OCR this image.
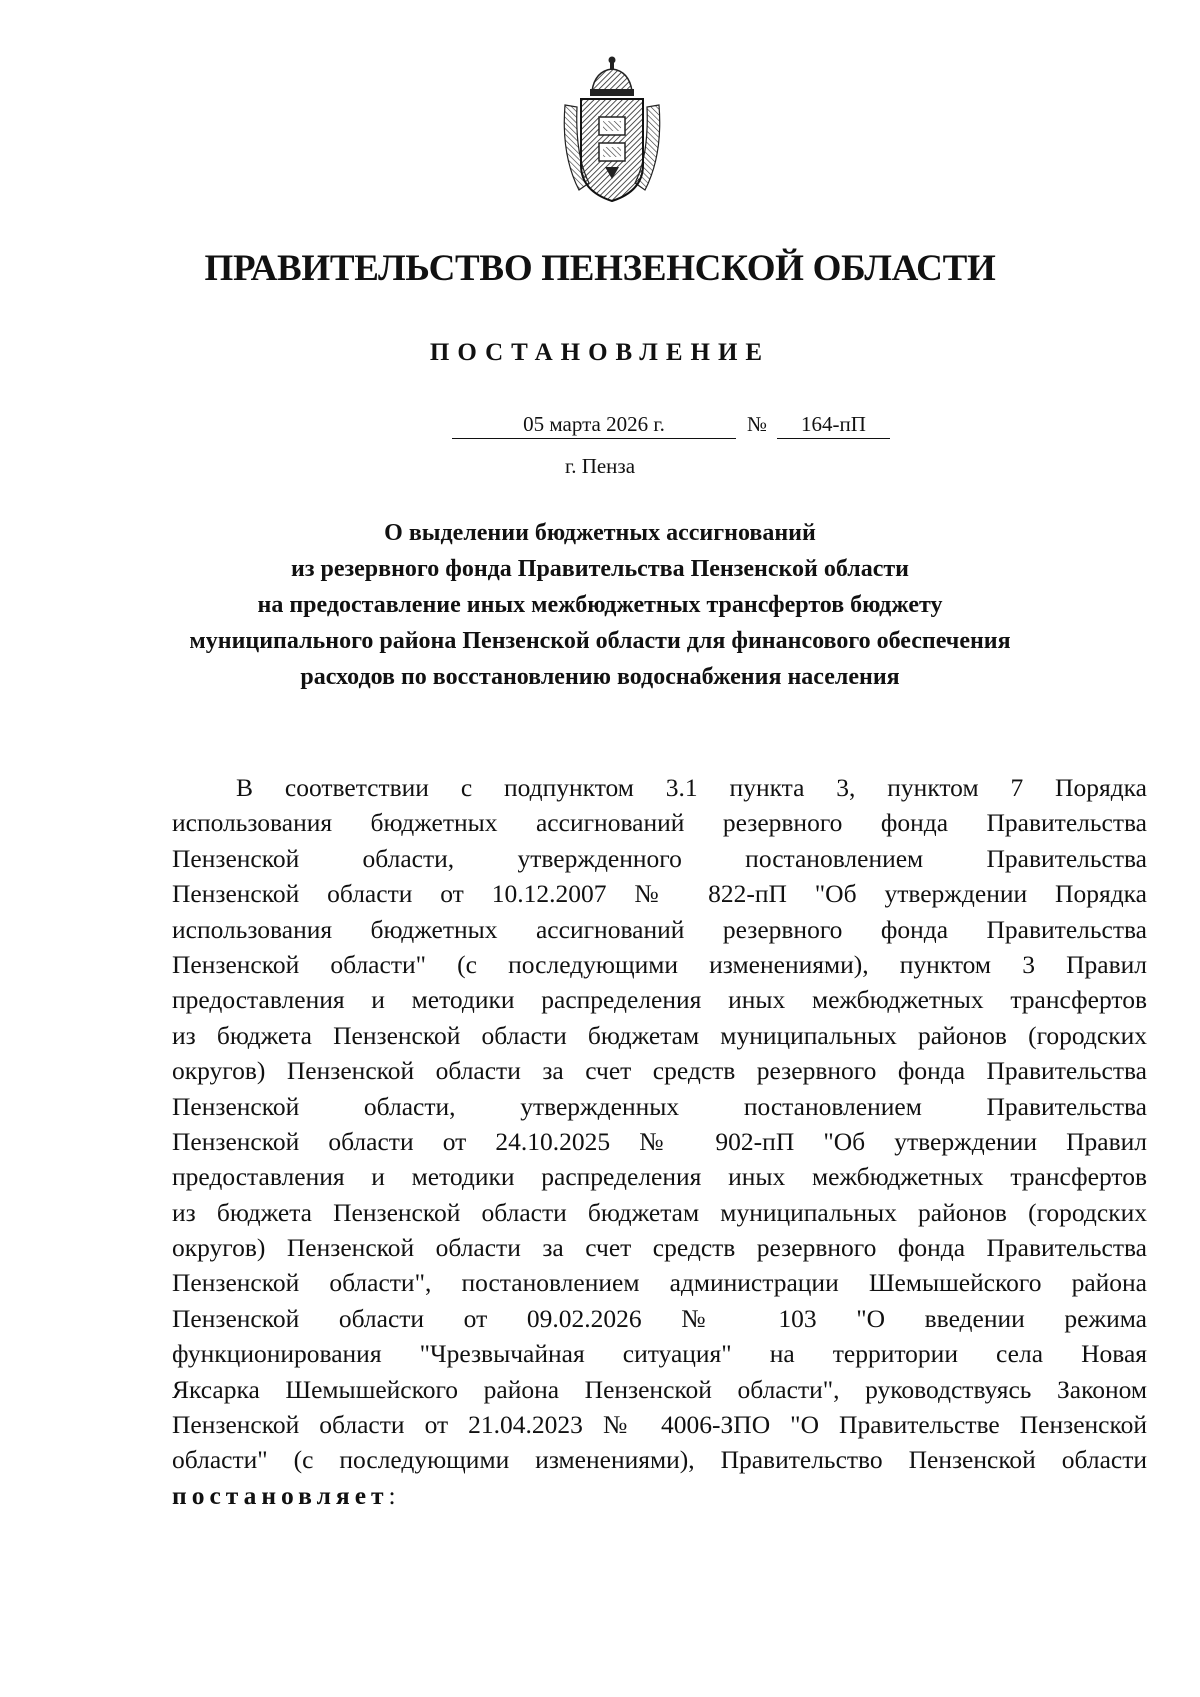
ПРАВИТЕЛЬСТВО ПЕНЗЕНСКОЙ ОБЛАСТИ
ПОСТАНОВЛЕНИЕ
05 марта 2026 г.	№	164-пП
г. Пенза
О выделении бюджетных ассигнований
из резервного фонда Правительства Пензенской области
на предоставление иных межбюджетных трансфертов бюджету
муниципального района Пензенской области для финансового обеспечения
расходов по восстановлению водоснабжения населения
В соответствии с подпунктом 3.1 пункта 3, пунктом 7 Порядка
использования бюджетных ассигнований резервного фонда Правительства
Пензенской области, утвержденного постановлением Правительства
Пензенской области от 10.12.2007 № 822-пП "Об утверждении Порядка
использования бюджетных ассигнований резервного фонда Правительства
Пензенской области" (с последующими изменениями), пунктом 3 Правил
предоставления и методики распределения иных межбюджетных трансфертов
из бюджета Пензенской области бюджетам муниципальных районов (городских
округов) Пензенской области за счет средств резервного фонда Правительства
Пензенской области, утвержденных постановлением Правительства
Пензенской области от 24.10.2025 № 902-пП "Об утверждении Правил
предоставления и методики распределения иных межбюджетных трансфертов
из бюджета Пензенской области бюджетам муниципальных районов (городских
округов) Пензенской области за счет средств резервного фонда Правительства
Пензенской области", постановлением администрации Шемышейского района
Пензенской области от 09.02.2026 № 103 "О введении режима
функционирования "Чрезвычайная ситуация" на территории села Новая
Яксарка Шемышейского района Пензенской области", руководствуясь Законом
Пензенской области от 21.04.2023 № 4006-ЗПО "О Правительстве Пензенской
области" (с последующими изменениями), Правительство Пензенской области
постановляет:
